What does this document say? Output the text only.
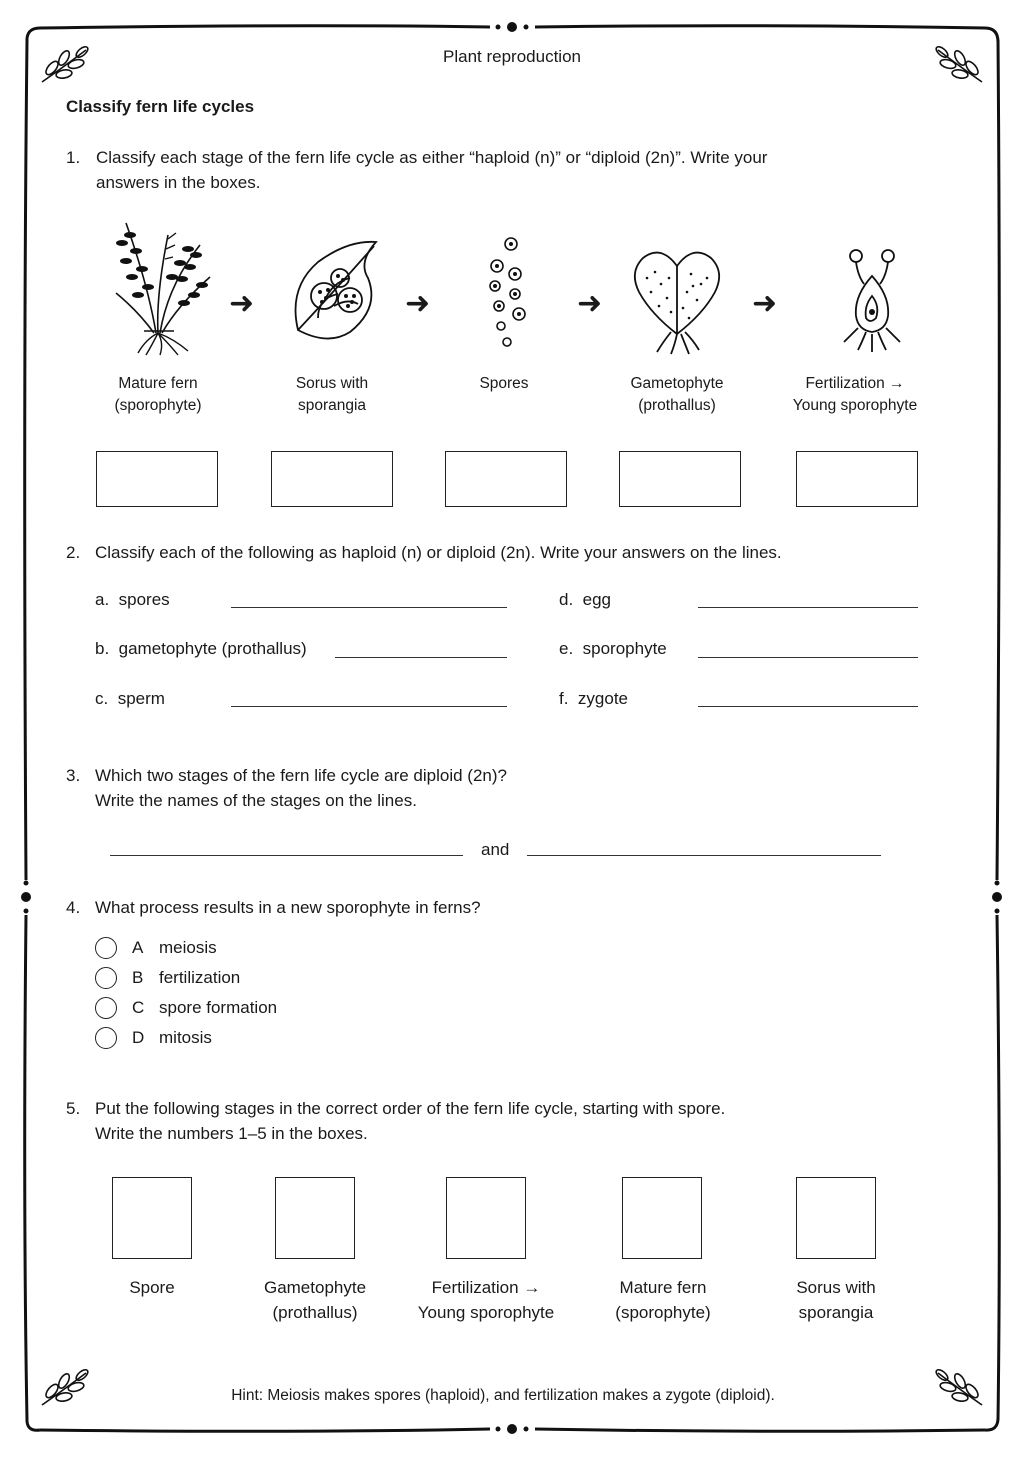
Plant reproduction
Classify fern life cycles
1. Classify each stage of the fern life cycle as either “haploid (n)” or “diploid (2n)”. Write your
answers in the boxes.
➜	➜	➜	➜
Mature fern
(sporophyte)
Sorus with
sporangia
Spores	Gametophyte
(prothallus)
Fertilization →
Young sporophyte
2. Classify each of the following as haploid (n) or diploid (2n). Write your answers on the lines.
a. spores
b. gametophyte (prothallus)
c. sperm
d. egg
e. sporophyte
f. zygote
3. Which two stages of the fern life cycle are diploid (2n)?
Write the names of the stages on the lines.
and
4. What process results in a new sporophyte in ferns?
A meiosis
B fertilization
C spore formation
D mitosis
5. Put the following stages in the correct order of the fern life cycle, starting with spore.
Write the numbers 1–5 in the boxes.
Spore	Gametophyte
(prothallus)
Fertilization →
Young sporophyte
Mature fern
(sporophyte)
Sorus with
sporangia
Hint: Meiosis makes spores (haploid), and fertilization makes a zygote (diploid).
